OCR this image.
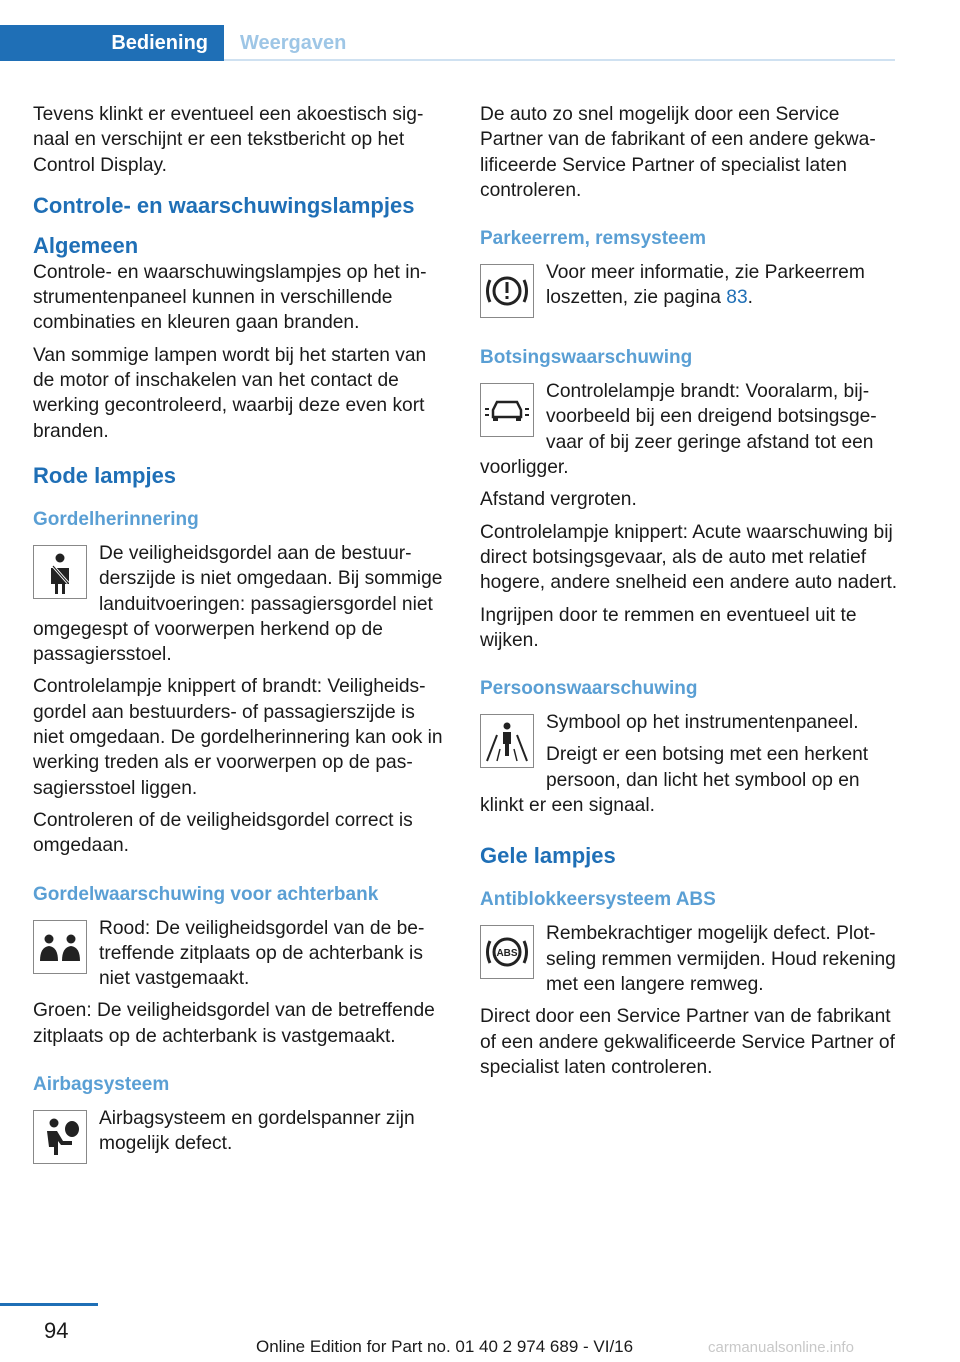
Bediening	Weergaven

Tevens klinkt er eventueel een akoestisch signaal en verschijnt er een tekstbericht op het Control Display.

Controle- en waarschuwingslampjes
Algemeen

Controle- en waarschuwingslampjes op het instrumentenpaneel kunnen in verschillende combinaties en kleuren gaan branden.

Van sommige lampen wordt bij het starten van de motor of inschakelen van het contact de werking gecontroleerd, waarbij deze even kort branden.

Rode lampjes
Gordelherinnering

De veiligheidsgordel aan de bestuurderszijde is niet omgedaan. Bij sommige landuitvoeringen: passagiersgordel niet omgegespt of voorwerpen herkend op de passagiersstoel.

Controlelampje knippert of brandt: Veiligheidsgordel aan bestuurders- of passagierszijde is niet omgedaan. De gordelherinnering kan ook in werking treden als er voorwerpen op de passagiersstoel liggen.

Controleren of de veiligheidsgordel correct is omgedaan.

Gordelwaarschuwing voor achterbank

Rood: De veiligheidsgordel van de betreffende zitplaats op de achterbank is niet vastgemaakt.

Groen: De veiligheidsgordel van de betreffende zitplaats op de achterbank is vastgemaakt.

Airbagsysteem

Airbagsysteem en gordelspanner zijn mogelijk defect.

De auto zo snel mogelijk door een Service Partner van de fabrikant of een andere gekwalificeerde Service Partner of specialist laten controleren.

Parkeerrem, remsysteem

Voor meer informatie, zie Parkeerrem loszetten, zie pagina 83.

Botsingswaarschuwing

Controlelampje brandt: Vooralarm, bijvoorbeeld bij een dreigend botsingsgevaar of bij zeer geringe afstand tot een voorligger.

Afstand vergroten.

Controlelampje knippert: Acute waarschuwing bij direct botsingsgevaar, als de auto met relatief hogere, andere snelheid een andere auto nadert.

Ingrijpen door te remmen en eventueel uit te wijken.

Persoonswaarschuwing

Symbool op het instrumentenpaneel.

Dreigt er een botsing met een herkent persoon, dan licht het symbool op en klinkt er een signaal.

Gele lampjes
Antiblokkeersysteem ABS
ABS

Rembekrachtiger mogelijk defect. Plotseling remmen vermijden. Houd rekening met een langere remweg.

Direct door een Service Partner van de fabrikant of een andere gekwalificeerde Service Partner of specialist laten controleren.

94
Online Edition for Part no. 01 40 2 974 689 - VI/16	carmanualsonline.info
